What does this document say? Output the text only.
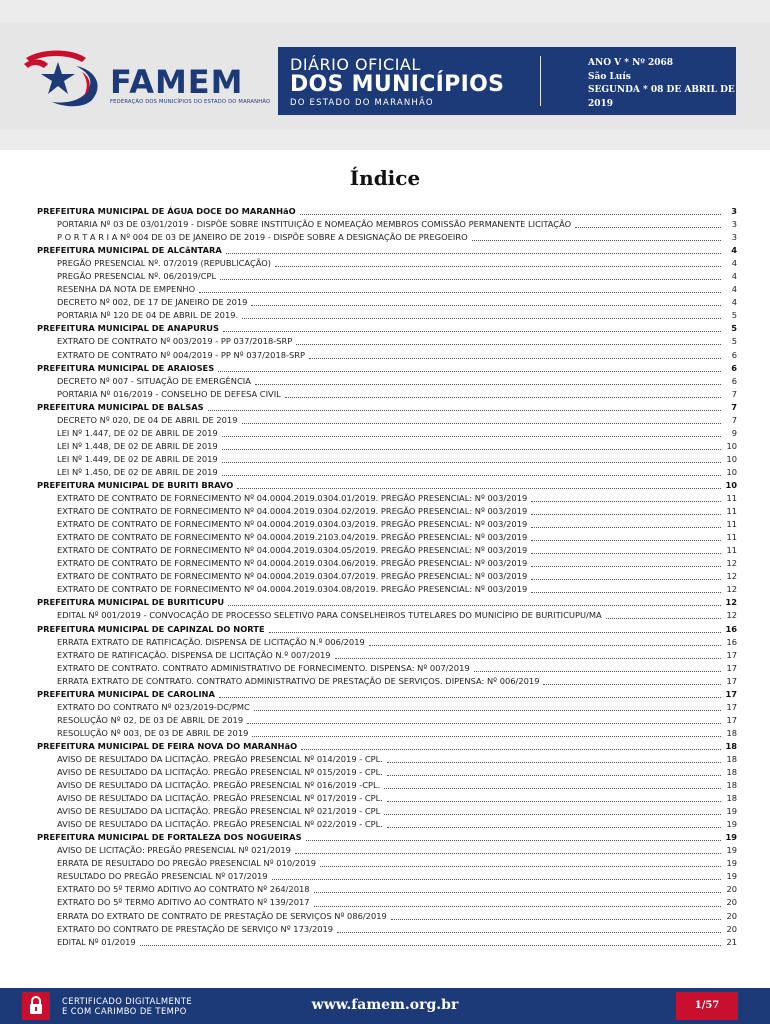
FAMEM
FEDERAÇÃO DOS MUNICÍPIOS DO ESTADO DO MARANHÃO
DIÁRIO OFICIAL
DOS MUNICÍPIOS
DO ESTADO DO MARANHÃO
ANO V * Nº 2068
São Luís
SEGUNDA * 08 DE ABRIL DE 2019
Índice
PREFEITURA MUNICIPAL DE ÁGUA DOCE DO MARANHãO	3
PORTARIA Nº 03 DE 03/01/2019 - DISPÕE SOBRE INSTITUIÇÃO E NOMEAÇÃO MEMBROS COMISSÃO PERMANENTE LICITAÇÃO	3
P O R T A R I A Nº 004 DE 03 DE JANEIRO DE 2019 - DISPÕE SOBRE A DESIGNAÇÃO DE PREGOEIRO	3
PREFEITURA MUNICIPAL DE ALCâNTARA	4
PREGÃO PRESENCIAL Nº. 07/2019 (REPUBLICAÇÃO)	4
PREGÃO PRESENCIAL Nº. 06/2019/CPL	4
RESENHA DA NOTA DE EMPENHO	4
DECRETO Nº 002, DE 17 DE JANEIRO DE 2019	4
PORTARIA Nº 120 DE 04 DE ABRIL DE 2019.	5
PREFEITURA MUNICIPAL DE ANAPURUS	5
EXTRATO DE CONTRATO Nº 003/2019 - PP 037/2018-SRP	5
EXTRATO DE CONTRATO Nº 004/2019 - PP Nº 037/2018-SRP	6
PREFEITURA MUNICIPAL DE ARAIOSES	6
DECRETO Nº 007 - SITUAÇÃO DE EMERGÊNCIA	6
PORTARIA Nº 016/2019 - CONSELHO DE DEFESA CIVIL	7
PREFEITURA MUNICIPAL DE BALSAS	7
DECRETO Nº 020, DE 04 DE ABRIL DE 2019	7
LEI Nº 1.447, DE 02 DE ABRIL DE 2019	9
LEI Nº 1.448, DE 02 DE ABRIL DE 2019	10
LEI Nº 1.449, DE 02 DE ABRIL DE 2019	10
LEI Nº 1.450, DE 02 DE ABRIL DE 2019	10
PREFEITURA MUNICIPAL DE BURITI BRAVO	10
EXTRATO DE CONTRATO DE FORNECIMENTO Nº 04.0004.2019.0304.01/2019. PREGÃO PRESENCIAL: Nº 003/2019	11
EXTRATO DE CONTRATO DE FORNECIMENTO Nº 04.0004.2019.0304.02/2019. PREGÃO PRESENCIAL: Nº 003/2019	11
EXTRATO DE CONTRATO DE FORNECIMENTO Nº 04.0004.2019.0304.03/2019. PREGÃO PRESENCIAL: Nº 003/2019	11
EXTRATO DE CONTRATO DE FORNECIMENTO Nº 04.0004.2019.2103.04/2019. PREGÃO PRESENCIAL: Nº 003/2019	11
EXTRATO DE CONTRATO DE FORNECIMENTO Nº 04.0004.2019.0304.05/2019. PREGÃO PRESENCIAL: Nº 003/2019	11
EXTRATO DE CONTRATO DE FORNECIMENTO Nº 04.0004.2019.0304.06/2019. PREGÃO PRESENCIAL: Nº 003/2019	12
EXTRATO DE CONTRATO DE FORNECIMENTO Nº 04.0004.2019.0304.07/2019. PREGÃO PRESENCIAL: Nº 003/2019	12
EXTRATO DE CONTRATO DE FORNECIMENTO Nº 04.0004.2019.0304.08/2019. PREGÃO PRESENCIAL: Nº 003/2019	12
PREFEITURA MUNICIPAL DE BURITICUPU	12
EDITAL Nº 001/2019 - CONVOCAÇÃO DE PROCESSO SELETIVO PARA CONSELHEIROS TUTELARES DO MUNICÍPIO DE BURITICUPU/MA	12
PREFEITURA MUNICIPAL DE CAPINZAL DO NORTE	16
ERRATA EXTRATO DE RATIFICAÇÃO. DISPENSA DE LICITAÇÃO N.º 006/2019	16
EXTRATO DE RATIFICAÇÃO. DISPENSA DE LICITAÇÃO N.º 007/2019	17
EXTRATO DE CONTRATO. CONTRATO ADMINISTRATIVO DE FORNECIMENTO. DISPENSA: Nº 007/2019	17
ERRATA EXTRATO DE CONTRATO. CONTRATO ADMINISTRATIVO DE PRESTAÇÃO DE SERVIÇOS. DIPENSA: Nº 006/2019	17
PREFEITURA MUNICIPAL DE CAROLINA	17
EXTRATO DO CONTRATO Nº 023/2019-DC/PMC	17
RESOLUÇÃO Nº 02, DE 03 DE ABRIL DE 2019	17
RESOLUÇÃO Nº 003, DE 03 DE ABRIL DE 2019	18
PREFEITURA MUNICIPAL DE FEIRA NOVA DO MARANHãO	18
AVISO DE RESULTADO DA LICITAÇÃO. PREGÃO PRESENCIAL Nº 014/2019 - CPL.	18
AVISO DE RESULTADO DA LICITAÇÃO. PREGÃO PRESENCIAL Nº 015/2019 - CPL.	18
AVISO DE RESULTADO DA LICITAÇÃO. PREGÃO PRESENCIAL Nº 016/2019 -CPL.	18
AVISO DE RESULTADO DA LICITAÇÃO. PREGÃO PRESENCIAL Nº 017/2019 - CPL.	18
AVISO DE RESULTADO DA LICITAÇÃO. PREGÃO PRESENCIAL Nº 021/2019 - CPL	19
AVISO DE RESULTADO DA LICITAÇÃO. PREGÃO PRESENCIAL Nº 022/2019 - CPL.	19
PREFEITURA MUNICIPAL DE FORTALEZA DOS NOGUEIRAS	19
AVISO DE LICITAÇÃO: PREGÃO PRESENCIAL Nº 021/2019	19
ERRATA DE RESULTADO DO PREGÃO PRESENCIAL Nº 010/2019	19
RESULTADO DO PREGÃO PRESENCIAL Nº 017/2019	19
EXTRATO DO 5º TERMO ADITIVO AO CONTRATO Nº 264/2018	20
EXTRATO DO 5º TERMO ADITIVO AO CONTRATO Nº 139/2017	20
ERRATA DO EXTRATO DE CONTRATO DE PRESTAÇÃO DE SERVIÇOS Nº 086/2019	20
EXTRATO DO CONTRATO DE PRESTAÇÃO DE SERVIÇO Nº 173/2019	20
EDITAL Nº 01/2019	21
CERTIFICADO DIGITALMENTE
E COM CARIMBO DE TEMPO	www.famem.org.br	1/57
